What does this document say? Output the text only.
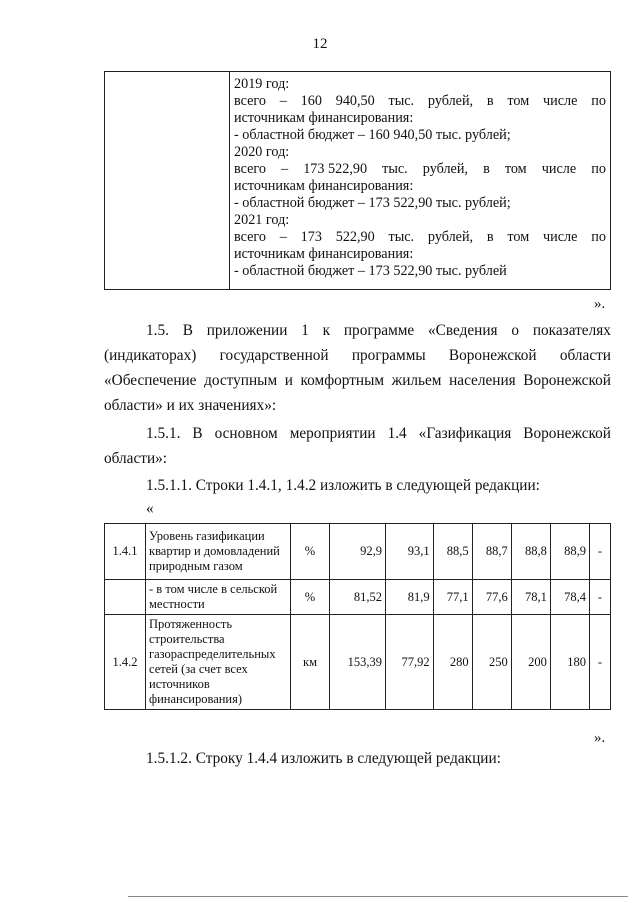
12
2019 год:
всего – 160 940,50 тыс. рублей, в том числе по
источникам финансирования:
- областной бюджет – 160 940,50 тыс. рублей;
2020 год:
всего – 173 522,90 тыс. рублей, в том числе по
источникам финансирования:
- областной бюджет – 173 522,90 тыс. рублей;
2021 год:
всего – 173 522,90 тыс. рублей, в том числе по
источникам финансирования:
- областной бюджет – 173 522,90 тыс. рублей
».
1.5. В приложении 1 к программе «Сведения о показателях
(индикаторах) государственной программы Воронежской области
«Обеспечение доступным и комфортным жильем населения Воронежской
области» и их значениях»:
1.5.1. В основном мероприятии 1.4 «Газификация Воронежской
области»:
1.5.1.1. Строки 1.4.1, 1.4.2 изложить в следующей редакции:
«
1.4.1	Уровень газификации квартир и домовладений природным газом	%	92,9	93,1	88,5	88,7	88,8	88,9	-
	- в том числе в сельской местности	%	81,52	81,9	77,1	77,6	78,1	78,4	-
1.4.2	Протяженность строительства газораспределительных сетей (за счет всех источников финансирования)	км	153,39	77,92	280	250	200	180	-
».
1.5.1.2. Строку 1.4.4 изложить в следующей редакции:
